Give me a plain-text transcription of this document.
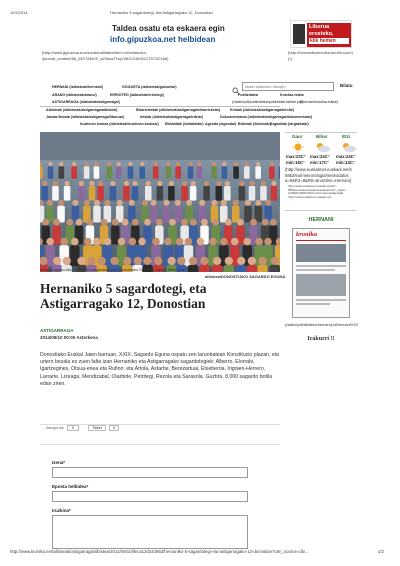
11/9/2014	Hernaniko 5 sagardotegi, eta Astigarragako 12, Donostian
Taldea osatu eta eskaera egin
info.gipuzkoa.net helbidean
(http://www.gipuzkoa.eus/eu/aktualitatea/berri-xehetasuan/-
/journal_content/56_INSTANCE_a23dxaTNqV38/10180/512757/32166)
Liburua
erosteko,
klik hemen
(http://hernanikokronika.tumblr.com/)
(/)
Idatzi bilatzeko hitza(k)
Bilatu
HERNANI (/albisteak/hernani/)	GOIZUETA (/albisteak/goizueta/)
ARANO (/albisteak/arano/)	ERRIOTEG (/albisteak/errioteg/)	Publizitatea	Kronika txikia
ASTIGARRAGA (/albisteak/astigarraga/)	(/static/pdf/publizitatea/publizitate-tarifak.pdf)
(/hernani/kronika-txikia/)
Albisteak (/albisteak/astigarraga/albistea/)	Elkarrizketak (/albisteak/astigarraga/elkarrizketa/)	Kirolak (/albisteak/astigarraga/kirola/)
Jasota Bezala (/albisteak/astigarraga/liburua/)	Iritziak (/albisteak/astigarraga/iritzia/)	Dokumentazioa (/albisteak/astigarraga/dokumentuak/)
Iruzkinen txokoa (/albisteak/iruzkinen-txokoa/) Ekitaldiak (/ekitaldiak/) Agenda (/agenda/) Bideoak (/bideoak/) Argazkiak (/argazkiak/)
Astigarragako eta Hernaniko sagardotegiek Donostiako Sagardo Eguna bete dute.
albistea/DONOSTIAKO SAGARDO EGUNA
Hernaniko 5 sagardotegi, eta Astigarragako 12, Donostian
ASTIGARRAGA
2014/09/10 00:00 Azterkena
Donostiako Euskal Jaien barruan, XXIX. Sagardo Eguna ospatu zen larunbatean Konstituzio plazan, eta urtero bezala ez zuen falta izan Hernaniko eta Astigarragako sagardotegiek: Alberro, Elorrabi, Igartzegines, Otsua-enea eta Rufino; eta Artola, Astarbe, Berezartuai, Etxeberria, Irigoien-Herrero, Larrarte, Lizeaga, Mendizabal, Oiarbide, Petritegi, Rezola eta Sarasola. Guztira, 8.000 sagardo botila edan ziren.
Atsegin dut	0	Tweet	0
Izena*
Eposta helbidea*
Iruzkina*
Gaur	Bihar	Etzi
max:23C° max:24C° max:24C°
min:16C° min:17C° min:13C°
(http://www.euskalmet.euskadi.net/s
5853/eu/meteorologia/meteodatos
a=8&R2=8&R0=&nombre=Hernani)
(http://www.euskalmet.euskadi.net/s07-
5853/eu/meteorologia/meteodatos/cp?_ingele/
a=8&R2=8&R0=8&nombre=Hernani&jeretal)
(http://www.euskalmet.euskadi.net)
HERNANI
kronika
(/static/pdf/albistea/hernani/pdf/hernani%20
Irakurri !!
http://www.kronika.net/albisteak/astigarraga/albistea/2014/09/10/lleca13d244953/hernaniko-5-sagardotegi-eta-astigarragako-12-donostian?utm_source=dlv...	1/2
